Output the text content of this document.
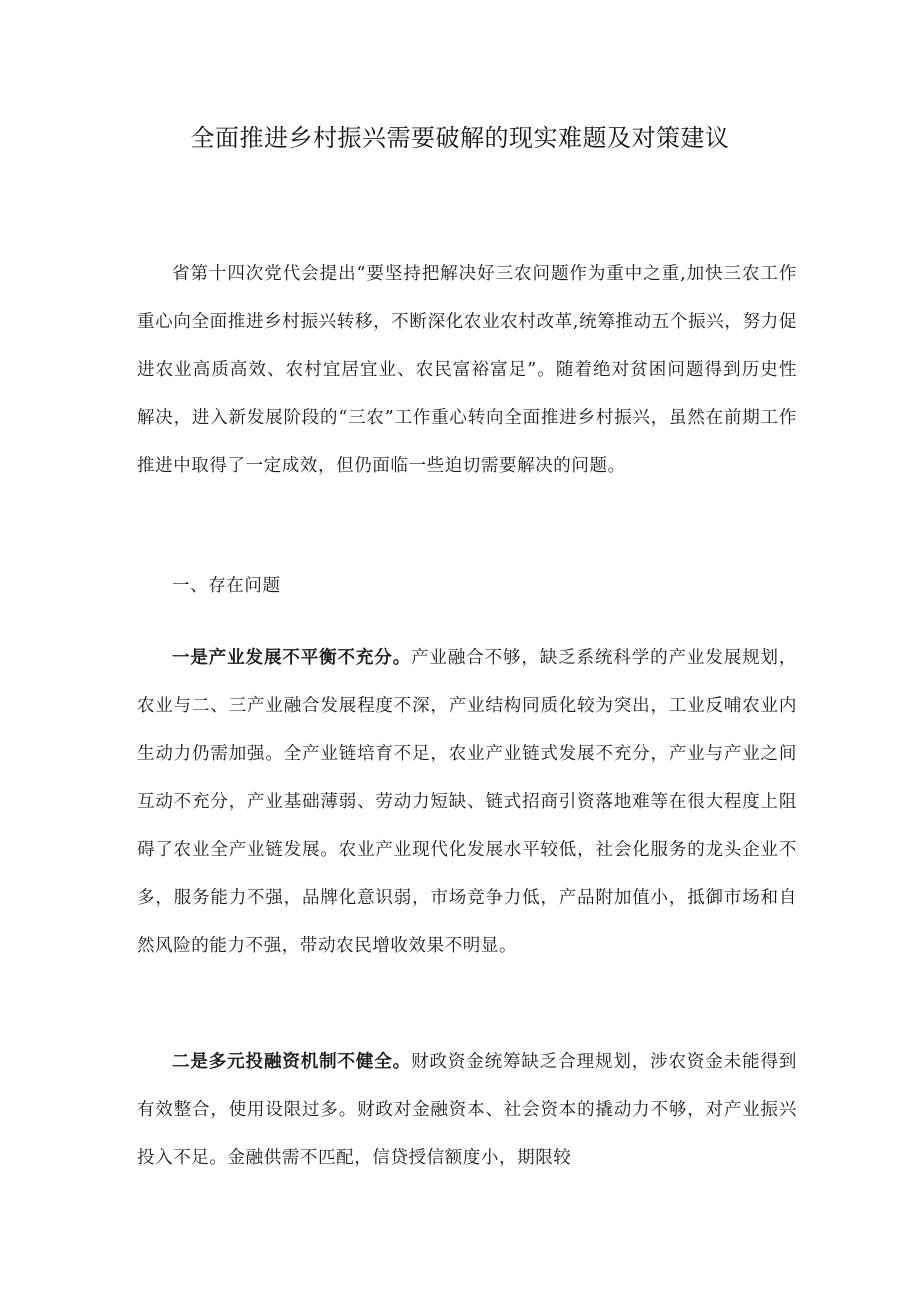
全面推进乡村振兴需要破解的现实难题及对策建议

省第十四次党代会提出“要坚持把解决好三农问题作为重中之重,加快三农工作重心向全面推进乡村振兴转移，不断深化农业农村改革,统筹推动五个振兴，努力促进农业高质高效、农村宜居宜业、农民富裕富足”。随着绝对贫困问题得到历史性解决，进入新发展阶段的“三农”工作重心转向全面推进乡村振兴，虽然在前期工作推进中取得了一定成效，但仍面临一些迫切需要解决的问题。

一、存在问题

一是产业发展不平衡不充分。产业融合不够，缺乏系统科学的产业发展规划，农业与二、三产业融合发展程度不深，产业结构同质化较为突出，工业反哺农业内生动力仍需加强。全产业链培育不足，农业产业链式发展不充分，产业与产业之间互动不充分，产业基础薄弱、劳动力短缺、链式招商引资落地难等在很大程度上阻碍了农业全产业链发展。农业产业现代化发展水平较低，社会化服务的龙头企业不多，服务能力不强，品牌化意识弱，市场竞争力低，产品附加值小，抵御市场和自然风险的能力不强，带动农民增收效果不明显。

二是多元投融资机制不健全。财政资金统筹缺乏合理规划，涉农资金未能得到有效整合，使用设限过多。财政对金融资本、社会资本的撬动力不够，对产业振兴投入不足。金融供需不匹配，信贷授信额度小，期限较
